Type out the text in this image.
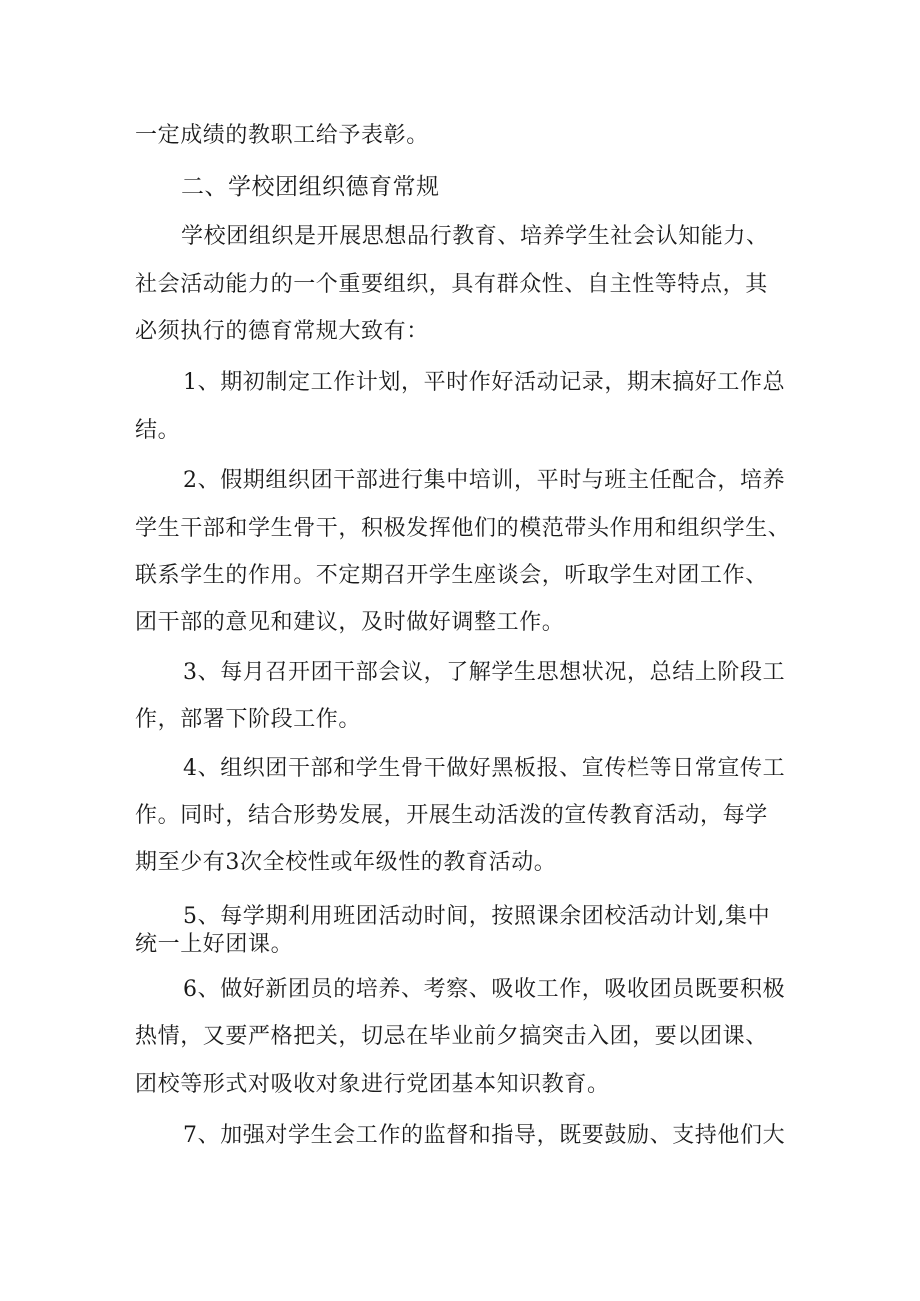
一定成绩的教职工给予表彰。
二、学校团组织德育常规
学校团组织是开展思想品行教育、培养学生社会认知能力、
社会活动能力的一个重要组织，具有群众性、自主性等特点，其
必须执行的德育常规大致有：
1、期初制定工作计划，平时作好活动记录，期末搞好工作总
结。
2、假期组织团干部进行集中培训，平时与班主任配合，培养
学生干部和学生骨干，积极发挥他们的模范带头作用和组织学生、
联系学生的作用。不定期召开学生座谈会，听取学生对团工作、
团干部的意见和建议，及时做好调整工作。
3、每月召开团干部会议，了解学生思想状况，总结上阶段工
作，部署下阶段工作。
4、组织团干部和学生骨干做好黑板报、宣传栏等日常宣传工
作。同时，结合形势发展，开展生动活泼的宣传教育活动，每学
期至少有3次全校性或年级性的教育活动。
5、每学期利用班团活动时间，按照课余团校活动计划,集中
统一上好团课。
6、做好新团员的培养、考察、吸收工作，吸收团员既要积极
热情，又要严格把关，切忌在毕业前夕搞突击入团，要以团课、
团校等形式对吸收对象进行党团基本知识教育。
7、加强对学生会工作的监督和指导，既要鼓励、支持他们大
